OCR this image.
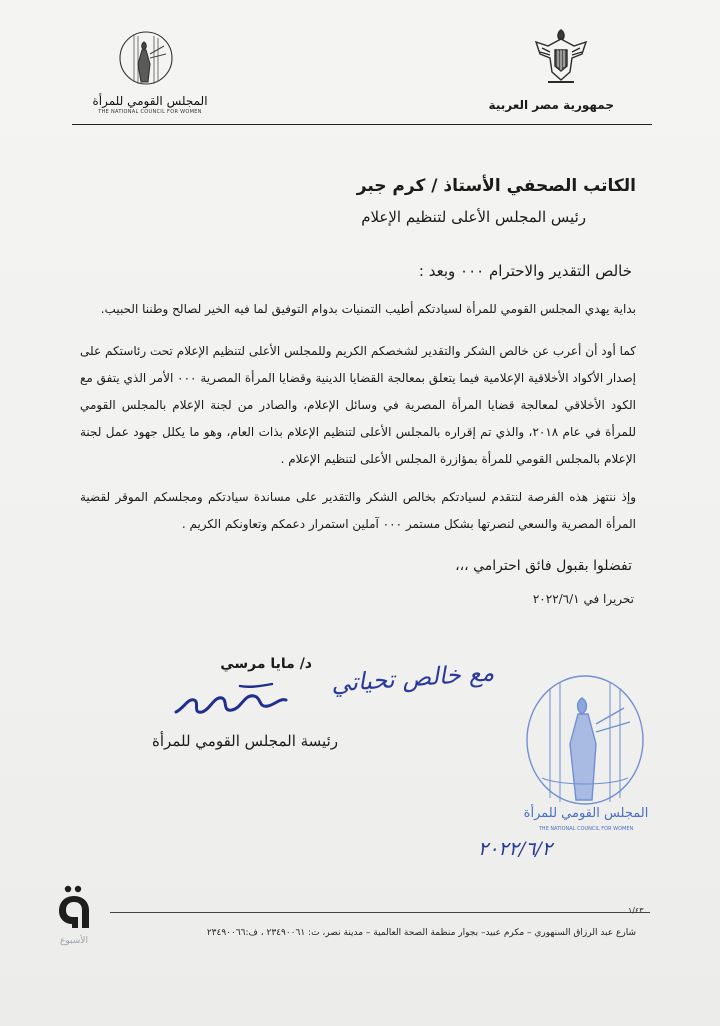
جمهورية مصر العربية
المجلس القومي للمرأة
THE NATIONAL COUNCIL FOR WOMEN
الكاتب الصحفي الأستاذ / كرم جبر
رئيس المجلس الأعلى لتنظيم الإعلام
خالص التقدير والاحترام ٠٠٠ وبعد :
بداية يهدي المجلس القومي للمرأة لسيادتكم أطيب التمنيات بدوام التوفيق لما فيه الخير لصالح وطننا الحبيب.
كما أود أن أعرب عن خالص الشكر والتقدير لشخصكم الكريم وللمجلس الأعلى لتنظيم الإعلام تحت رئاستكم على إصدار الأكواد الأخلاقية الإعلامية فيما يتعلق بمعالجة القضايا الدينية وقضايا المرأة المصرية ٠٠٠ الأمر الذي يتفق مع الكود الأخلاقي لمعالجة قضايا المرأة المصرية في وسائل الإعلام، والصادر من لجنة الإعلام بالمجلس القومي للمرأة في عام ٢٠١٨، والذي تم إقراره بالمجلس الأعلى لتنظيم الإعلام بذات العام، وهو ما يكلل جهود عمل لجنة الإعلام بالمجلس القومي للمرأة بمؤازرة المجلس الأعلى لتنظيم الإعلام .
وإذ ننتهز هذه الفرصة لنتقدم لسيادتكم بخالص الشكر والتقدير على مساندة سيادتكم ومجلسكم الموقر لقضية المرأة المصرية والسعي لنصرتها بشكل مستمر ٠٠٠ آملين استمرار دعمكم وتعاونكم الكريم .
تفضلوا بقبول فائق احترامي ،،،
تحريرا في ٢٠٢٢/٦/١
د/ مايا مرسي
رئيسة المجلس القومي للمرأة
مع خالص تحياتي
المجلس القومي للمرأة
THE NATIONAL COUNCIL FOR WOMEN
٢٠٢٢/٦/٢
١/٤٣
شارع عبد الرزاق السنهوري – مكرم عبيد– بجوار منظمة الصحة العالمية – مدينة نصر، ت: ٢٣٤٩٠٠٦١ ، ف:٢٣٤٩٠٠٦٦
الأسبوع
